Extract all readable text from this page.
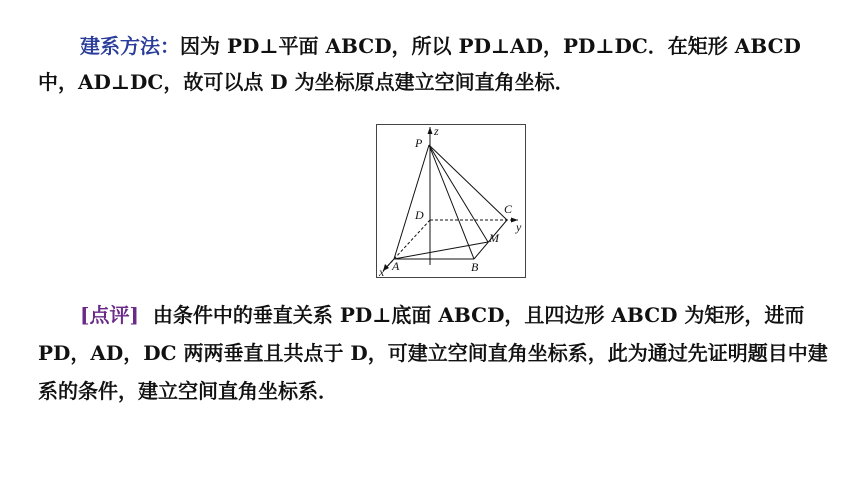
建系方法：因为 PD⊥平面 ABCD，所以 PD⊥AD，PD⊥DC．在矩形 ABCD 中，AD⊥DC，故可以点 D 为坐标原点建立空间直角坐标．

P
z
D	C
y
M
A	B
x

[点评] 由条件中的垂直关系 PD⊥底面 ABCD，且四边形 ABCD 为矩形，进而 PD，AD，DC 两两垂直且共点于 D，可建立空间直角坐标系，此为通过先证明题目中建系的条件，建立空间直角坐标系．
